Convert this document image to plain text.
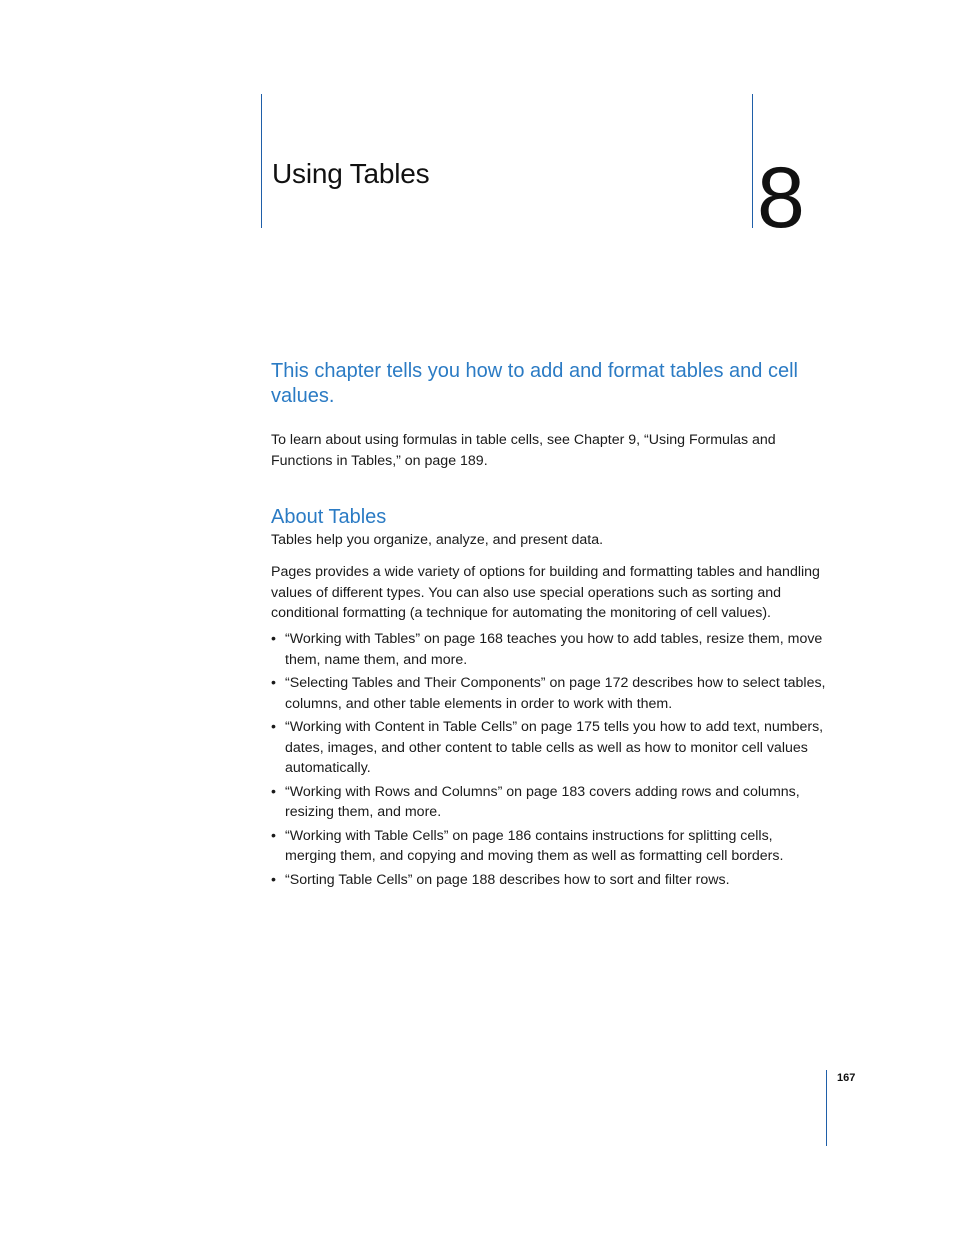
Using Tables	8
This chapter tells you how to add and format tables and cell values.

To learn about using formulas in table cells, see Chapter 9, “Using Formulas and Functions in Tables,” on page 189.

About Tables

Tables help you organize, analyze, and present data.

Pages provides a wide variety of options for building and formatting tables and handling values of different types. You can also use special operations such as sorting and conditional formatting (a technique for automating the monitoring of cell values).

• “Working with Tables” on page 168 teaches you how to add tables, resize them, move them, name them, and more.
• “Selecting Tables and Their Components” on page 172 describes how to select tables, columns, and other table elements in order to work with them.
• “Working with Content in Table Cells” on page 175 tells you how to add text, numbers, dates, images, and other content to table cells as well as how to monitor cell values automatically.
• “Working with Rows and Columns” on page 183 covers adding rows and columns, resizing them, and more.
• “Working with Table Cells” on page 186 contains instructions for splitting cells, merging them, and copying and moving them as well as formatting cell borders.
• “Sorting Table Cells” on page 188 describes how to sort and filter rows.
167
